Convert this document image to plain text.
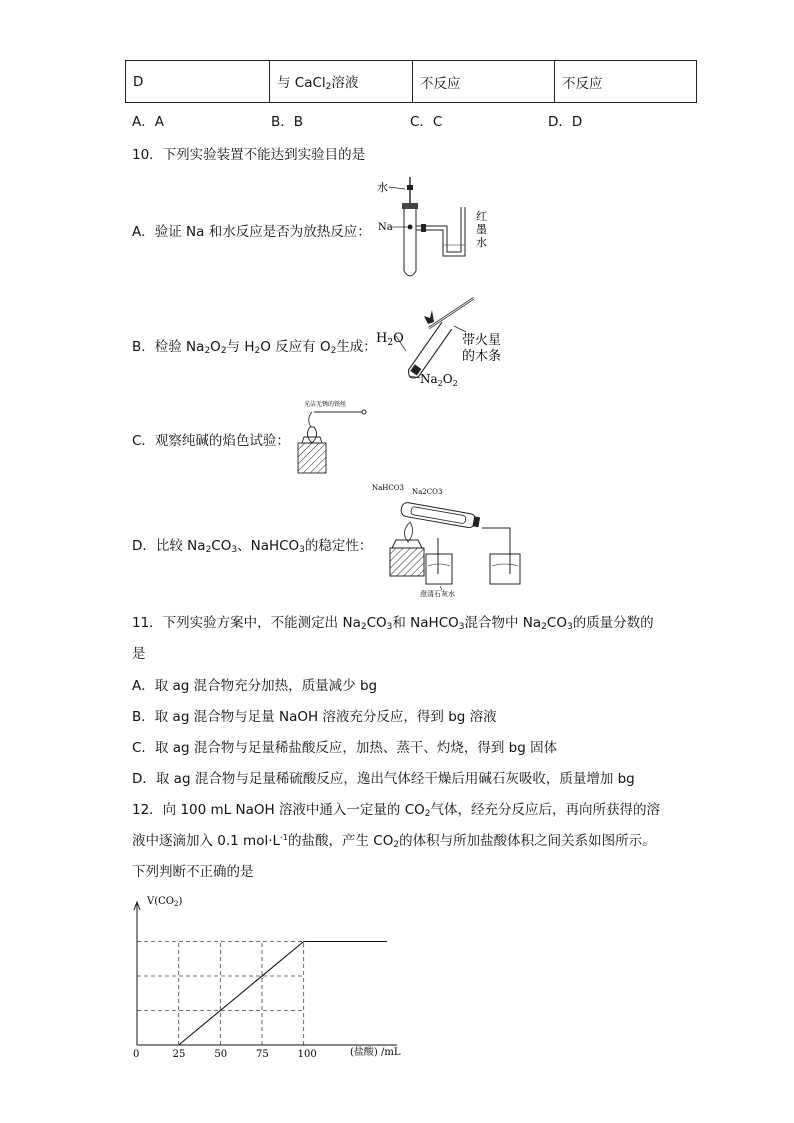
D	与 CaCl$_2$溶液	不反应	不反应
A．A	B．B	C．C	D．D
10．下列实验装置不能达到实验目的是
A．验证 Na 和水反应是否为放热反应：
水
Na
红
墨
水
B．检验 $Na_2O_2$与 $H_2O$ 反应有 $O_2$生成：
$H_2O$	带火星
的木条
$Na_2O_2$
C．观察纯碱的焰色试验：
光洁无锈的铁丝
D．比较 $Na_2CO_3$、NaHCO$_3$的稳定性：
NaHCO3 Na2CO3
澄清石灰水
11．下列实验方案中，不能测定出 $Na_2CO_3$和 NaHCO$_3$混合物中 $Na_2CO_3$的质量分数的
是
A．取 ag 混合物充分加热，质量减少 bg
B．取 ag 混合物与足量 NaOH 溶液充分反应，得到 bg 溶液
C．取 ag 混合物与足量稀盐酸反应，加热、蒸干、灼烧，得到 bg 固体
D．取 ag 混合物与足量稀硫酸反应，逸出气体经干燥后用碱石灰吸收，质量增加 bg
12．向 100 mL NaOH 溶液中通入一定量的 $CO_2$气体，经充分反应后，再向所获得的溶
液中逐滴加入 0.1 $mol\cdot L^{-1}$的盐酸，产生 $CO_2$的体积与所加盐酸体积之间关系如图所示。
下列判断不正确的是
$V(CO_2)$
(盐酸) /mL
0	25	50	75	100
